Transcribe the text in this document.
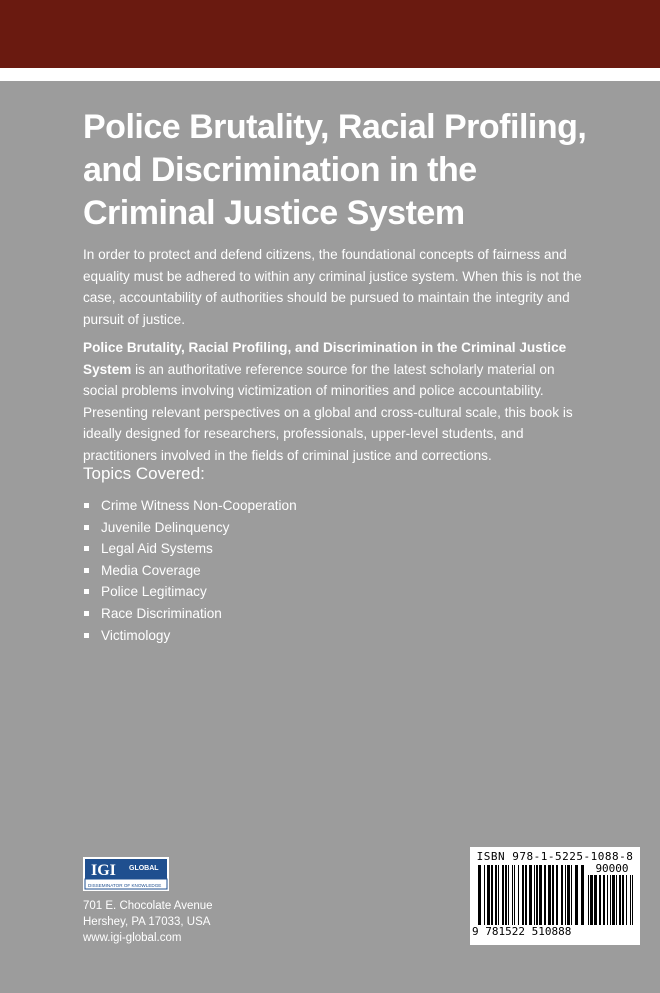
Police Brutality, Racial Profiling,
and Discrimination in the
Criminal Justice System

In order to protect and defend citizens, the foundational concepts of fairness and equality must be adhered to within any criminal justice system. When this is not the case, accountability of authorities should be pursued to maintain the integrity and pursuit of justice.

Police Brutality, Racial Profiling, and Discrimination in the Criminal Justice System is an authoritative reference source for the latest scholarly material on social problems involving victimization of minorities and police accountability. Presenting relevant perspectives on a global and cross-cultural scale, this book is ideally designed for researchers, professionals, upper-level students, and practitioners involved in the fields of criminal justice and corrections.

Topics Covered:
Crime Witness Non-Cooperation
Juvenile Delinquency
Legal Aid Systems
Media Coverage
Police Legitimacy
Race Discrimination
Victimology
IGI GLOBAL
DISSEMINATOR OF KNOWLEDGE

701 E. Chocolate Avenue
Hershey, PA 17033, USA
www.igi-global.com

ISBN 978-1-5225-1088-8
90000
9 781522 510888
